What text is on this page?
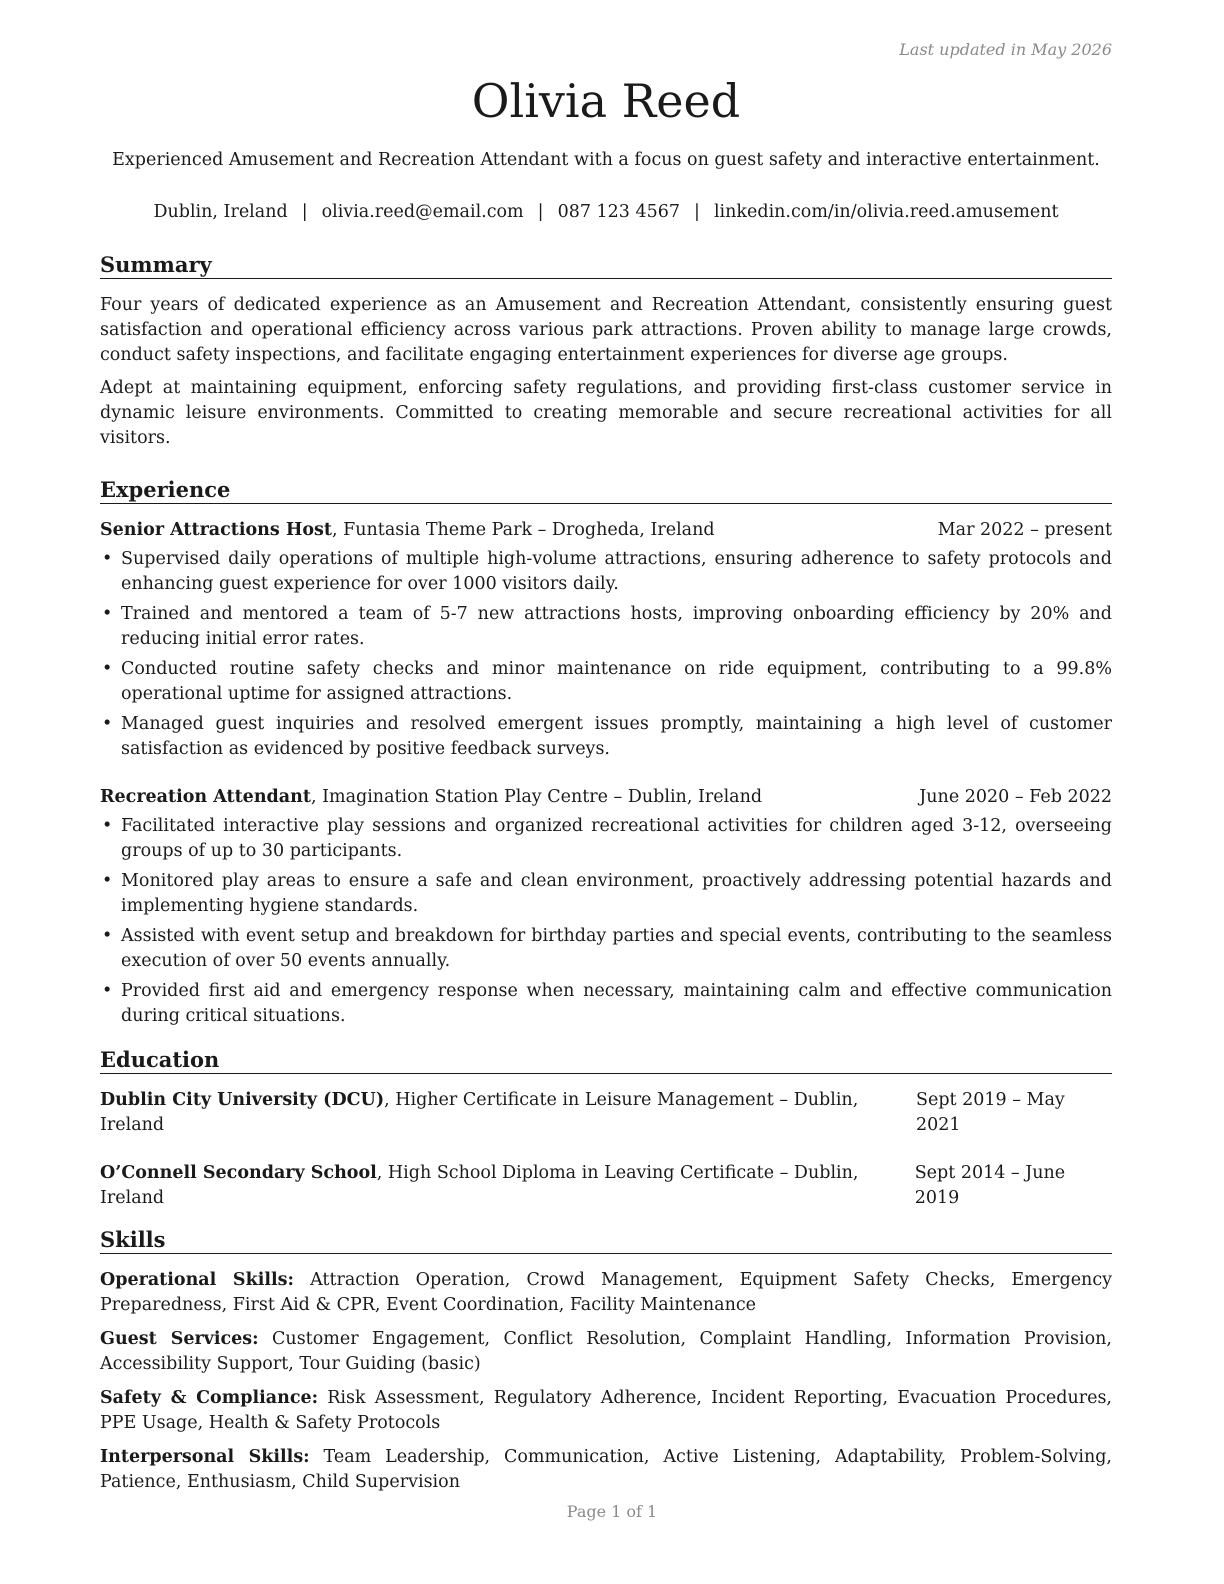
Last updated in May 2026

Olivia Reed

Experienced Amusement and Recreation Attendant with a focus on guest safety and interactive entertainment.

Dublin, Ireland | olivia.reed@email.com | 087 123 4567 | linkedin.com/in/olivia.reed.amusement
Summary

Four years of dedicated experience as an Amusement and Recreation Attendant, consistently ensuring guest satisfaction and operational efficiency across various park attractions. Proven ability to manage large crowds, conduct safety inspections, and facilitate engaging entertainment experiences for diverse age groups.

Adept at maintaining equipment, enforcing safety regulations, and providing first-class customer service in dynamic leisure environments. Committed to creating memorable and secure recreational activities for all visitors.

Experience
Senior Attractions Host, Funtasia Theme Park – Drogheda, Ireland	Mar 2022 – present
• Supervised daily operations of multiple high-volume attractions, ensuring adherence to safety protocols and enhancing guest experience for over 1000 visitors daily.
• Trained and mentored a team of 5-7 new attractions hosts, improving onboarding efficiency by 20% and reducing initial error rates.
• Conducted routine safety checks and minor maintenance on ride equipment, contributing to a 99.8% operational uptime for assigned attractions.
• Managed guest inquiries and resolved emergent issues promptly, maintaining a high level of customer satisfaction as evidenced by positive feedback surveys.
Recreation Attendant, Imagination Station Play Centre – Dublin, Ireland	June 2020 – Feb 2022
• Facilitated interactive play sessions and organized recreational activities for children aged 3-12, overseeing groups of up to 30 participants.
• Monitored play areas to ensure a safe and clean environment, proactively addressing potential hazards and implementing hygiene standards.
• Assisted with event setup and breakdown for birthday parties and special events, contributing to the seamless execution of over 50 events annually.
• Provided first aid and emergency response when necessary, maintaining calm and effective communication during critical situations.
Education
Dublin City University (DCU), Higher Certificate in Leisure Management – Dublin, Ireland
Sept 2019 – May 2021
O’Connell Secondary School, High School Diploma in Leaving Certificate – Dublin, Ireland
Sept 2014 – June 2019
Skills

Operational Skills: Attraction Operation, Crowd Management, Equipment Safety Checks, Emergency Preparedness, First Aid & CPR, Event Coordination, Facility Maintenance

Guest Services: Customer Engagement, Conflict Resolution, Complaint Handling, Information Provision, Accessibility Support, Tour Guiding (basic)

Safety & Compliance: Risk Assessment, Regulatory Adherence, Incident Reporting, Evacuation Procedures, PPE Usage, Health & Safety Protocols

Interpersonal Skills: Team Leadership, Communication, Active Listening, Adaptability, Problem-Solving, Patience, Enthusiasm, Child Supervision

Page 1 of 1
